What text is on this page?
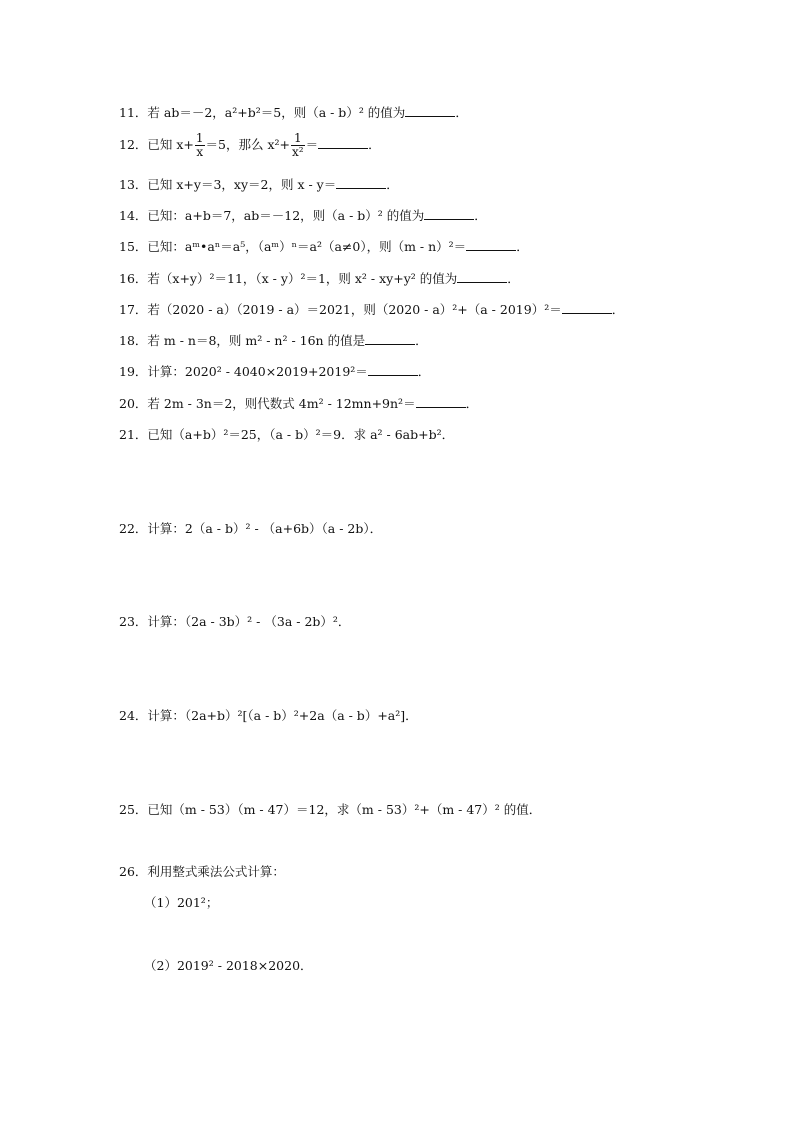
11．若 ab＝－2，a²+b²＝5，则（a - b）² 的值为	．
12．已知 $x+ \frac{1}{x} =5$，那么 $x^2+ \frac{1}{\text{x²}}$ ＝	．
13．已知 x+y＝3，xy＝2，则 x - y＝	．
14．已知：a+b＝7，ab＝－12，则（a - b）² 的值为	．
15．已知：aᵐ•aⁿ＝a⁵，（aᵐ）ⁿ＝a²（a≠0），则（m - n）²＝	．
16．若（x+y）²＝11，（x - y）²＝1，则 x² - xy+y² 的值为	．
17．若（2020 - a）（2019 - a）＝2021，则（2020 - a）²+（a - 2019）²＝	．
18．若 m - n＝8，则 m² - n² - 16n 的值是	．
19．计算：2020² - 4040×2019+2019²＝	．
20．若 2m - 3n＝2，则代数式 4m² - 12mn+9n²＝	．
21．已知（a+b）²＝25，（a - b）²＝9．求 a² - 6ab+b²．
22．计算：2（a - b）² - （a+6b）（a - 2b）．
23．计算：（2a - 3b）² - （3a - 2b）²．
24．计算：（2a+b）²[（a - b）²+2a（a - b）+a²]．
25．已知（m - 53）（m - 47）＝12，求（m - 53）²+（m - 47）² 的值．
26．利用整式乘法公式计算：
（1）201²；
（2）2019² - 2018×2020．
